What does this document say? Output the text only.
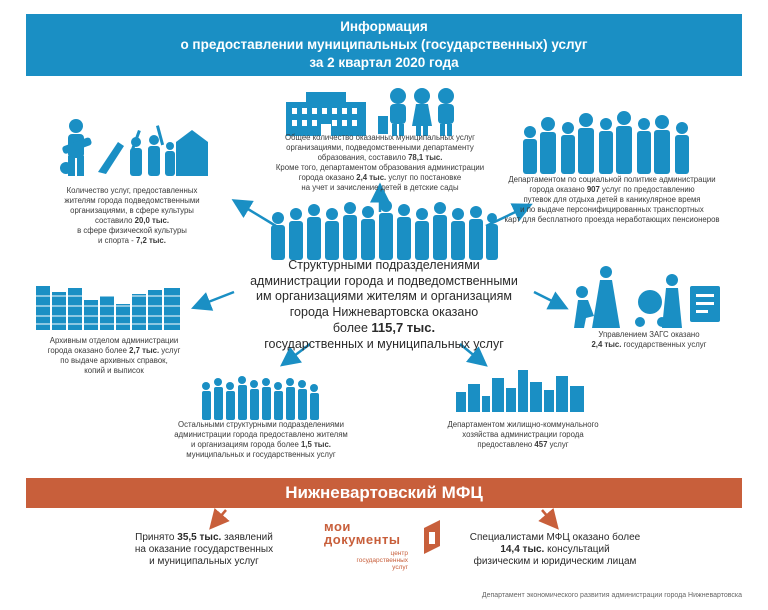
Информация
о предоставлении муниципальных (государственных) услуг
за 2 квартал 2020 года
Количество услуг, предоставленных
жителям города подведомственными
организациями, в сфере культуры
составило 20,0 тыс.
в сфере физической культуры
и спорта - 7,2 тыс.
Общее количество оказанных муниципальных услуг
организациями, подведомственными департаменту
образования, составило 78,1 тыс.
Кроме того, департаментом образования администрации
города оказано 2,4 тыс. услуг по постановке
на учет и зачисление детей в детские сады
Департаментом по социальной политике администрации
города оказано 907 услуг по предоставлению
путевок для отдыха детей в каникулярное время
и по выдаче персонифицированных транспортных
карт для бесплатного проезда неработающих пенсионеров
Структурными подразделениями
администрации города и подведомственными
им организациями жителям и организациям
города Нижневартовска оказано
более 115,7 тыс.
государственных и муниципальных услуг
Архивным отделом администрации
города оказано более 2,7 тыс. услуг
по выдаче архивных справок,
копий и выписок
Управлением ЗАГС оказано
2,4 тыс. государственных услуг
Остальными структурными подразделениями
администрации города предоставлено жителям
и организациям города более 1,5 тыс.
муниципальных и государственных услуг
Департаментом жилищно-коммунального
хозяйства администрации города
предоставлено 457 услуг
Нижневартовский МФЦ
Принято 35,5 тыс. заявлений
на оказание государственных
и муниципальных услуг
мои
документы
центр
государственных услуг
Специалистами МФЦ оказано более
14,4 тыс. консультаций
физическим и юридическим лицам
Департамент экономического развития администрации города Нижневартовска
